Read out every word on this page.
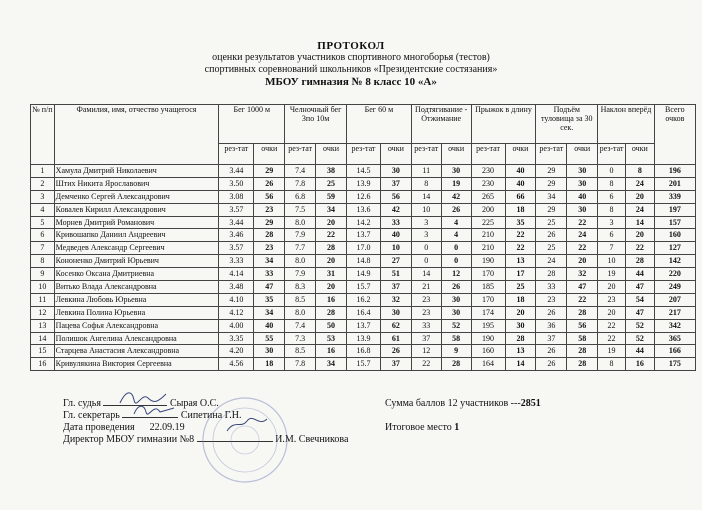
ПРОТОКОЛ
оценки результатов участников спортивного многоборья (тестов)
спортивных соревнований школьников «Президентские состязания»
МБОУ гимназия № 8 класс 10 «А»
№ п/п	Фамилия, имя, отчество учащегося	Бег 1000 м		Челночный бег 3по 10м		Бег 60 м		Подтягивание - Отжимание		Прыжок в длину		Подъём туловища за 30 сек.		Наклон вперёд		Всего очков
		рез-тат	очки	рез-тат	очки	рез-тат	очки	рез-тат	очки	рез-тат	очки	рез-тат	очки	рез-тат	очки	
1	Хамула Дмитрий Николаевич	3.44	29	7.4	38	14.5	30	11	30	230	40	29	30	0	8	196
2	Штих Никита Ярославович	3.50	26	7.8	25	13.9	37	8	19	230	40	29	30	8	24	201
3	Демченко Сергей Александрович	3.08	56	6.8	59	12.6	56	14	42	265	66	34	40	6	20	339
4	Ковалев Кирилл Александрович	3.57	23	7.5	34	13.6	42	10	26	200	18	29	30	8	24	197
5	Морнев Дмитрий Романович	3.44	29	8.0	20	14.2	33	3	4	225	35	25	22	3	14	157
6	Кривошапко Даниил Андреевич	3.46	28	7.9	22	13.7	40	3	4	210	22	26	24	6	20	160
7	Медведев Александр Сергеевич	3.57	23	7.7	28	17.0	10	0	0	210	22	25	22	7	22	127
8	Кононенко Дмитрий Юрьевич	3.33	34	8.0	20	14.8	27	0	0	190	13	24	20	10	28	142
9	Косенко Оксана Дмитриевна	4.14	33	7.9	31	14.9	51	14	12	170	17	28	32	19	44	220
10	Витько Влада Александровна	3.48	47	8.3	20	15.7	37	21	26	185	25	33	47	20	47	249
11	Левкина Любовь Юрьевна	4.10	35	8.5	16	16.2	32	23	30	170	18	23	22	23	54	207
12	Левкина Полина Юрьевна	4.12	34	8.0	28	16.4	30	23	30	174	20	26	28	20	47	217
13	Пацева Софья Александровна	4.00	40	7.4	50	13.7	62	33	52	195	30	36	56	22	52	342
14	Полишок Ангелина Александровна	3.35	55	7.3	53	13.9	61	37	58	190	28	37	58	22	52	365
15	Старцева Анастасия Александровна	4.20	30	8.5	16	16.8	26	12	9	160	13	26	28	19	44	166
16	Кривулякина Виктория Сергеевна	4.56	18	7.8	34	15.7	37	22	28	164	14	26	28	8	16	175
Гл. судья	Сырая О.С.
Гл. секретарь	Сипетина Г.Н.
Дата проведения 22.09.19
Директор МБОУ гимназии №8	И.М. Свечникова
Сумма баллов 12 участников ---2851
Итоговое место 1
